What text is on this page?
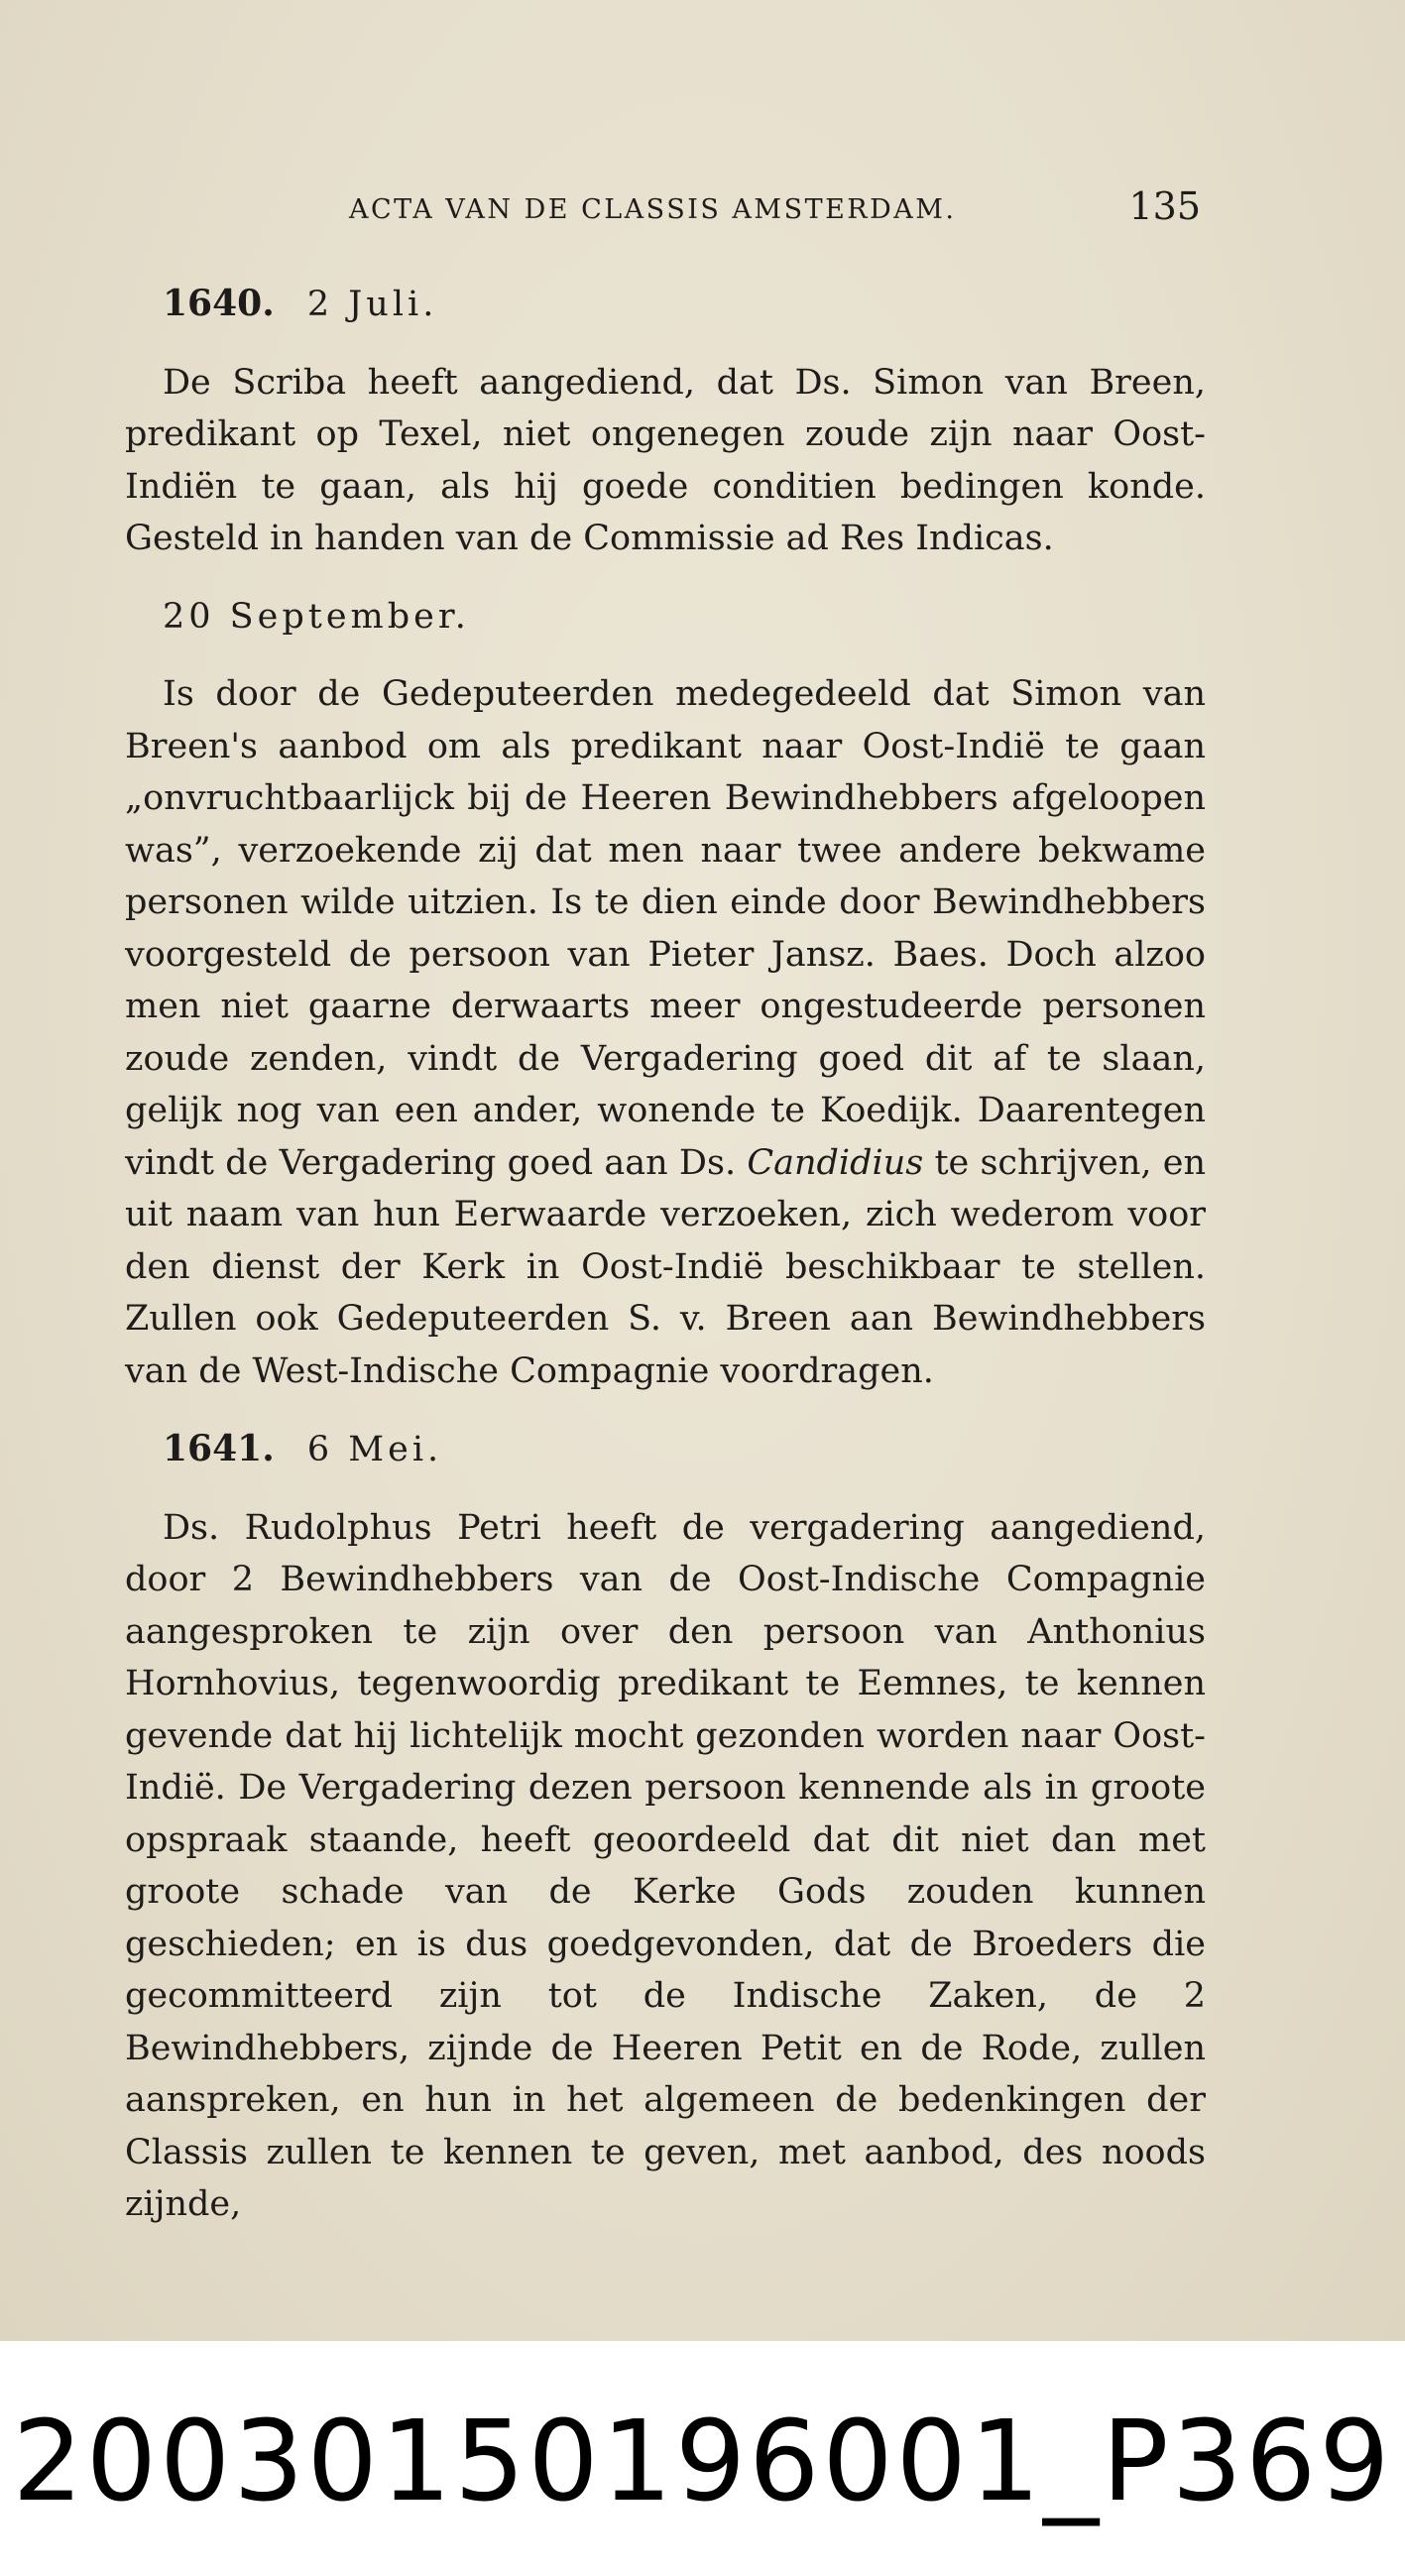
ACTA VAN DE CLASSIS AMSTERDAM.	135
1640. 2 Juli.

De Scriba heeft aangediend, dat Ds. Simon van Breen, predikant op Texel, niet ongenegen zoude zijn naar Oost-Indiën te gaan, als hij goede conditien bedingen konde. Gesteld in handen van de Commissie ad Res Indicas.

20 September.

Is door de Gedeputeerden medegedeeld dat Simon van Breen's aanbod om als predikant naar Oost-Indië te gaan „onvruchtbaarlijck bij de Heeren Bewindhebbers afgeloopen was”, verzoekende zij dat men naar twee andere bekwame personen wilde uitzien. Is te dien einde door Bewindhebbers voorgesteld de persoon van Pieter Jansz. Baes. Doch alzoo men niet gaarne derwaarts meer ongestudeerde personen zoude zenden, vindt de Vergadering goed dit af te slaan, gelijk nog van een ander, wonende te Koedijk. Daarentegen vindt de Vergadering goed aan Ds. Candidius te schrijven, en uit naam van hun Eerwaarde verzoeken, zich wederom voor den dienst der Kerk in Oost-Indië beschikbaar te stellen. Zullen ook Gedeputeerden S. v. Breen aan Bewindhebbers van de West-Indische Compagnie voordragen.

1641. 6 Mei.

Ds. Rudolphus Petri heeft de vergadering aangediend, door 2 Bewindhebbers van de Oost-Indische Compagnie aangesproken te zijn over den persoon van Anthonius Hornhovius, tegenwoordig predikant te Eemnes, te kennen gevende dat hij lichtelijk mocht gezonden worden naar Oost-Indië. De Vergadering dezen persoon kennende als in groote opspraak staande, heeft geoordeeld dat dit niet dan met groote schade van de Kerke Gods zouden kunnen geschieden; en is dus goedgevonden, dat de Broeders die gecommitteerd zijn tot de Indische Zaken, de 2 Bewindhebbers, zijnde de Heeren Petit en de Rode, zullen aanspreken, en hun in het algemeen de bedenkingen der Classis zullen te kennen te geven, met aanbod, des noods zijnde,

20030150196001_P369
